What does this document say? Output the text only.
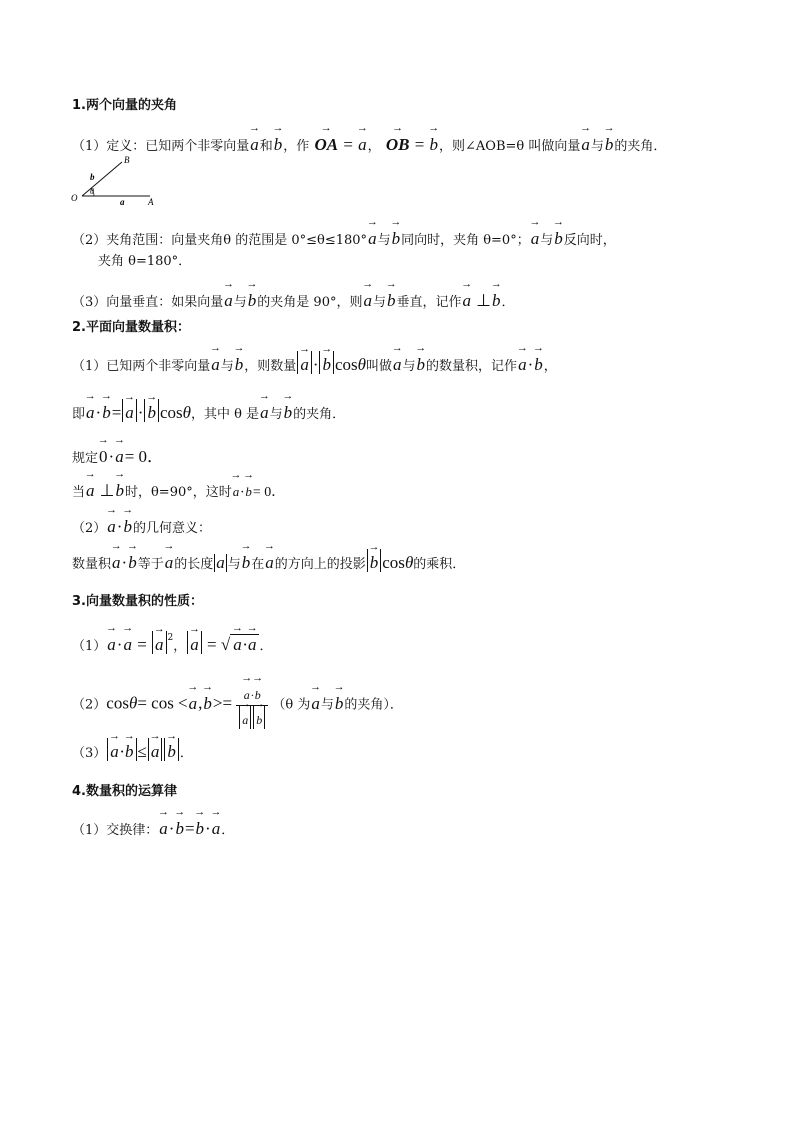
1.两个向量的夹角
（1）定义：已知两个非零向量→ a和→ b，作 → OA = → a， → OB = → b，则∠AOB=θ 叫做向量→ a与→ b的夹角．
O	A
B
a
b
θ
（2）夹角范围：向量夹角θ 的范围是 0°≤θ≤180°→ a与→ b同向时，夹角 θ=0°；→ a与→ b反向时，
夹角 θ=180°．
（3）向量垂直：如果向量→ a与→ b的夹角是 90°，则→ a与→ b垂直，记作→ a ⊥→ b．
2.平面向量数量积：
（1）已知两个非零向量→ a与→ b，则数量 → a · → b cosθ叫做→ a与→ b的数量积，记作→ a·→ b，
即→ a·→ b= → a · → b cosθ，其中 θ 是→ a与→ b的夹角．
规定→ 0·→ a= 0．
当→ a ⊥→ b时，θ=90°，这时→ a·→ b= 0．
（2）→ a·→ b的几何意义：
数量积→ a·→ b等于→ a的长度 a 与→ b在→ a的方向上的投影 → b cosθ的乘积．
3.向量数量积的性质：
（1）→ a·→ a = → a $^2$， → a = √ → a·→ a ．
（2）cosθ= cos <→ a,→ b>= → a·→ b
→ a → b （θ 为→ a与→ b的夹角）．
（3） → a·→ b ≤ → a → b ．
4.数量积的运算律
（1）交换律：→ a·→ b=→ b·→ a．
